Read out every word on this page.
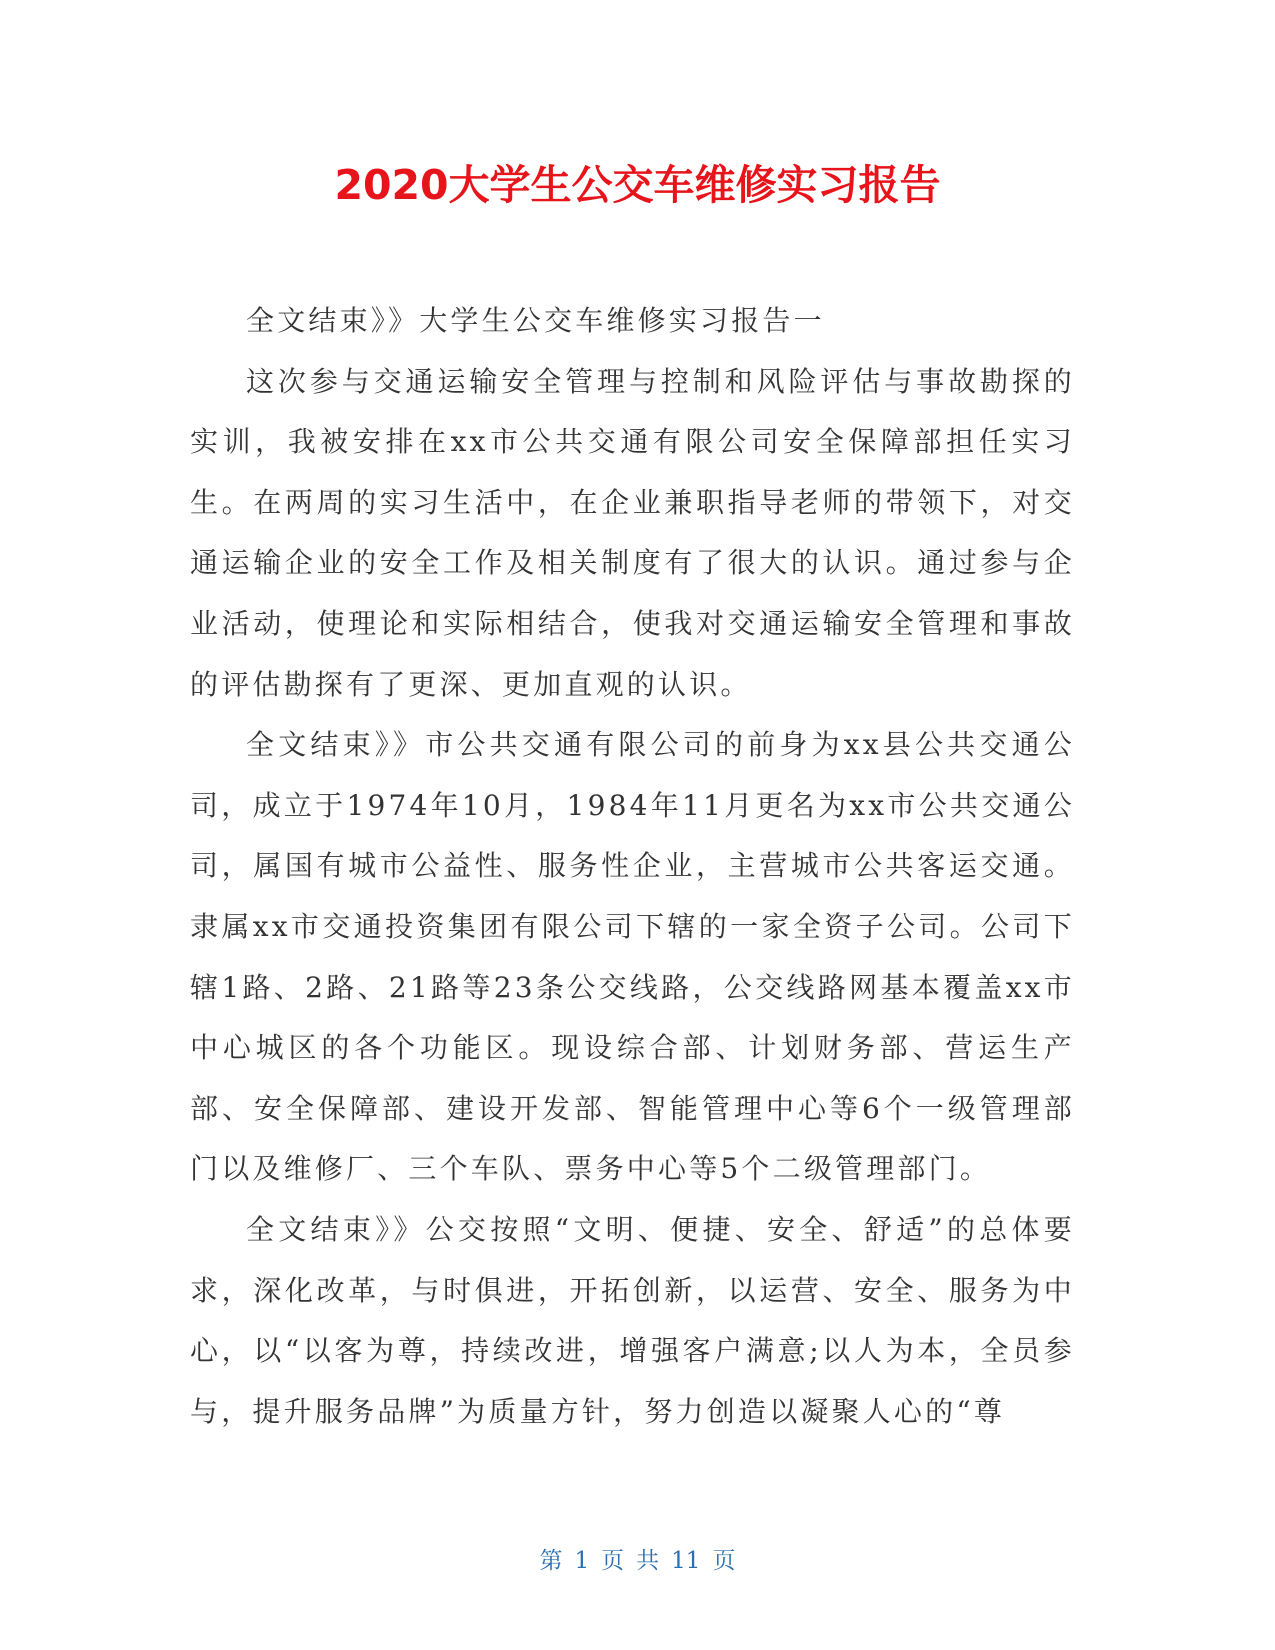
2020大学生公交车维修实习报告

全文结束》》大学生公交车维修实习报告一

这次参与交通运输安全管理与控制和风险评估与事故勘探的实训，我被安排在xx市公共交通有限公司安全保障部担任实习生。在两周的实习生活中，在企业兼职指导老师的带领下，对交通运输企业的安全工作及相关制度有了很大的认识。通过参与企业活动，使理论和实际相结合，使我对交通运输安全管理和事故的评估勘探有了更深、更加直观的认识。

全文结束》》市公共交通有限公司的前身为xx县公共交通公司，成立于1974年10月，1984年11月更名为xx市公共交通公司，属国有城市公益性、服务性企业，主营城市公共客运交通。隶属xx市交通投资集团有限公司下辖的一家全资子公司。公司下辖1路、2路、21路等23条公交线路，公交线路网基本覆盖xx市中心城区的各个功能区。现设综合部、计划财务部、营运生产部、安全保障部、建设开发部、智能管理中心等6个一级管理部门以及维修厂、三个车队、票务中心等5个二级管理部门。

全文结束》》公交按照“文明、便捷、安全、舒适”的总体要求，深化改革，与时俱进，开拓创新，以运营、安全、服务为中心，以“以客为尊，持续改进，增强客户满意;以人为本，全员参与，提升服务品牌”为质量方针，努力创造以凝聚人心的“尊

第 1 页 共 11 页
